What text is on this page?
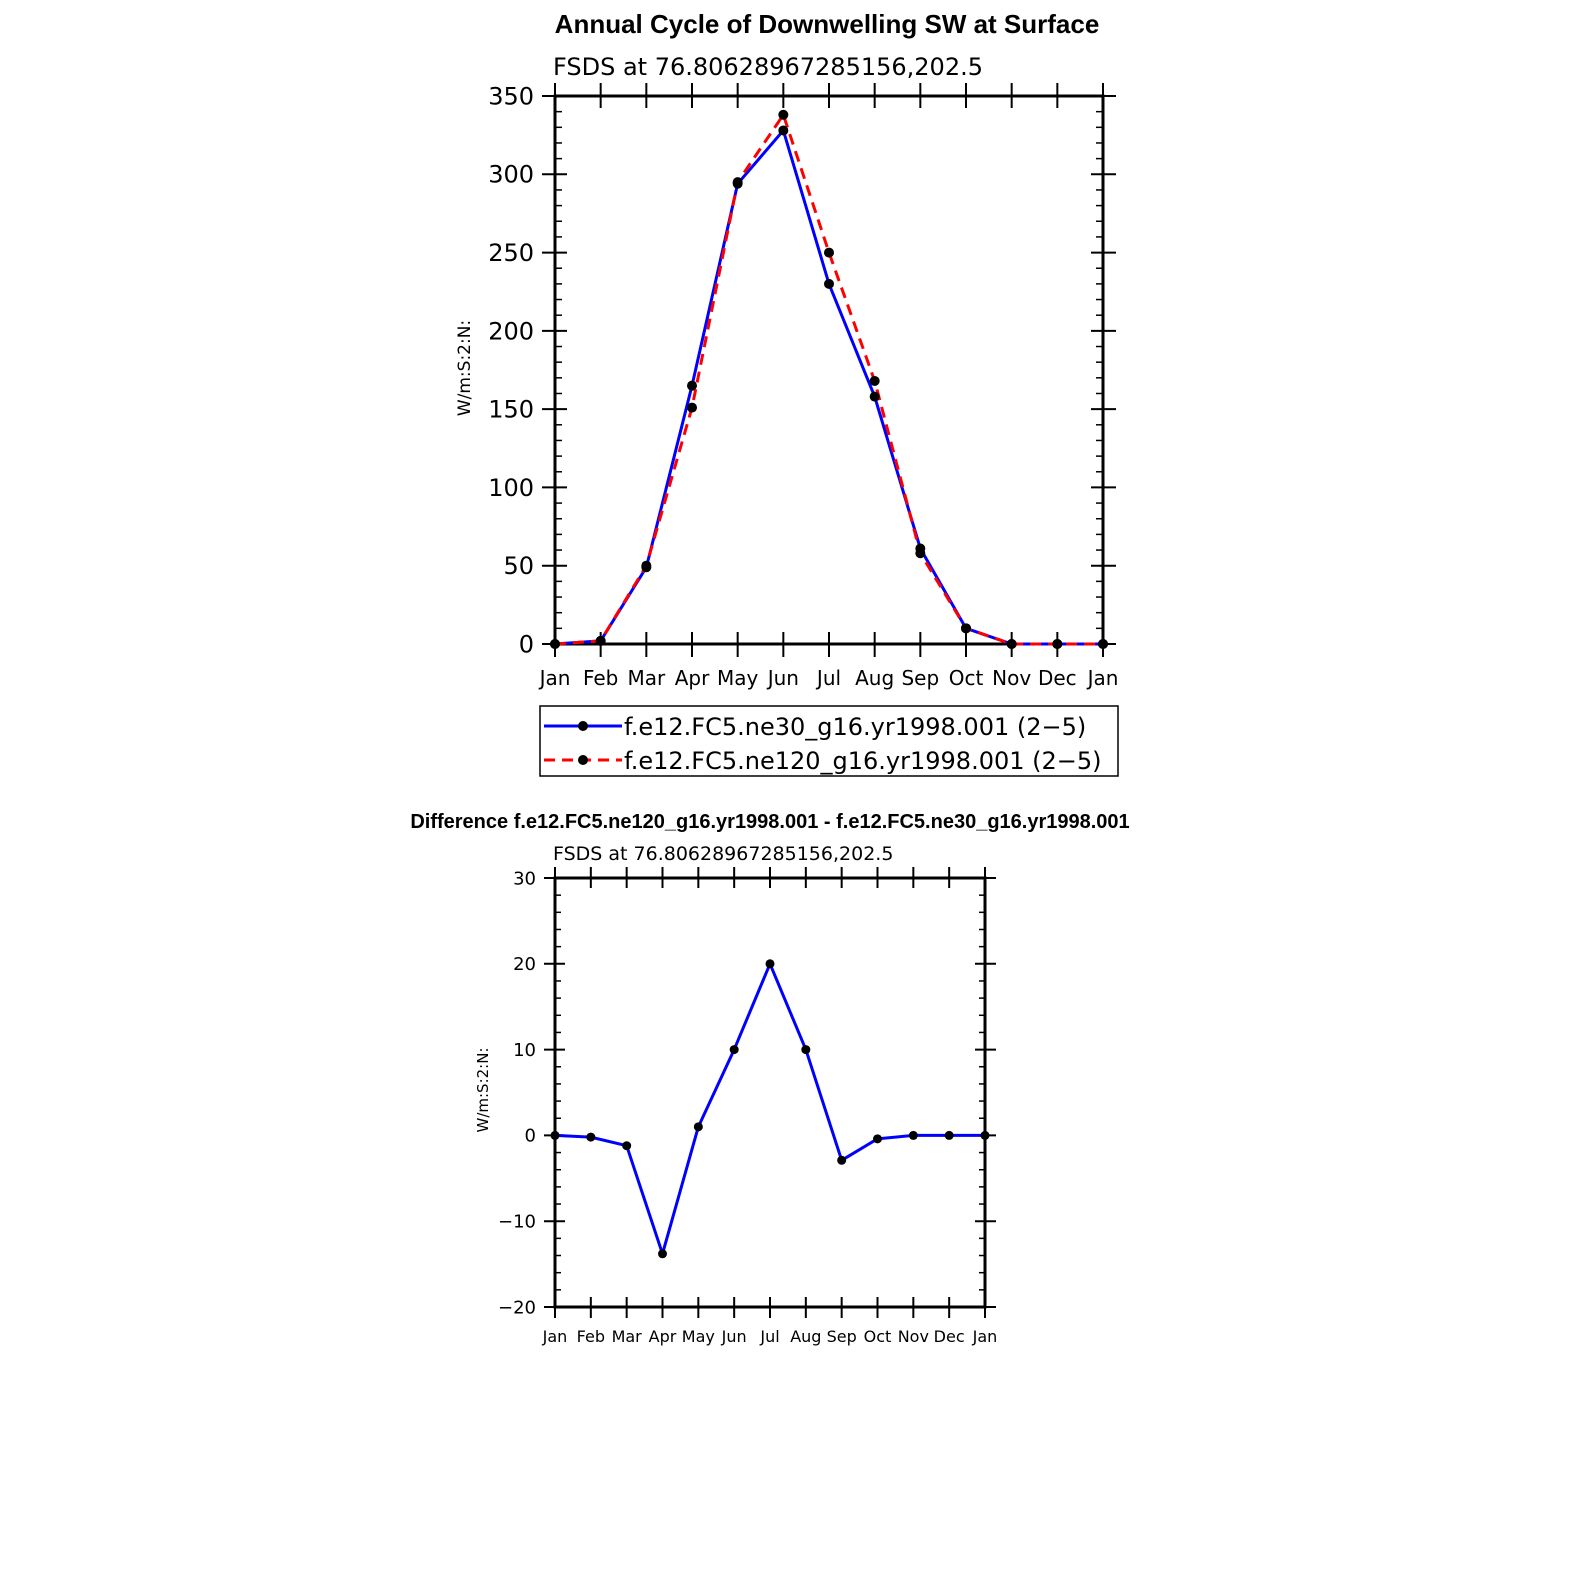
Annual Cycle of Downwelling SW at Surface
FSDS at 76.80628967285156,202.5
0
50
100
150
200
250
300
350
Jan Feb Mar Apr May Jun Jul Aug Sep Oct Nov Dec Jan
W/m:S:2:N:
f.e12.FC5.ne30_g16.yr1998.001 (2−5)
f.e12.FC5.ne120_g16.yr1998.001 (2−5)
Difference f.e12.FC5.ne120_g16.yr1998.001 - f.e12.FC5.ne30_g16.yr1998.001
FSDS at 76.80628967285156,202.5
−20
−10
0
10
20
30
Jan Feb Mar Apr May Jun Jul Aug Sep Oct Nov Dec Jan
W/m:S:2:N:
